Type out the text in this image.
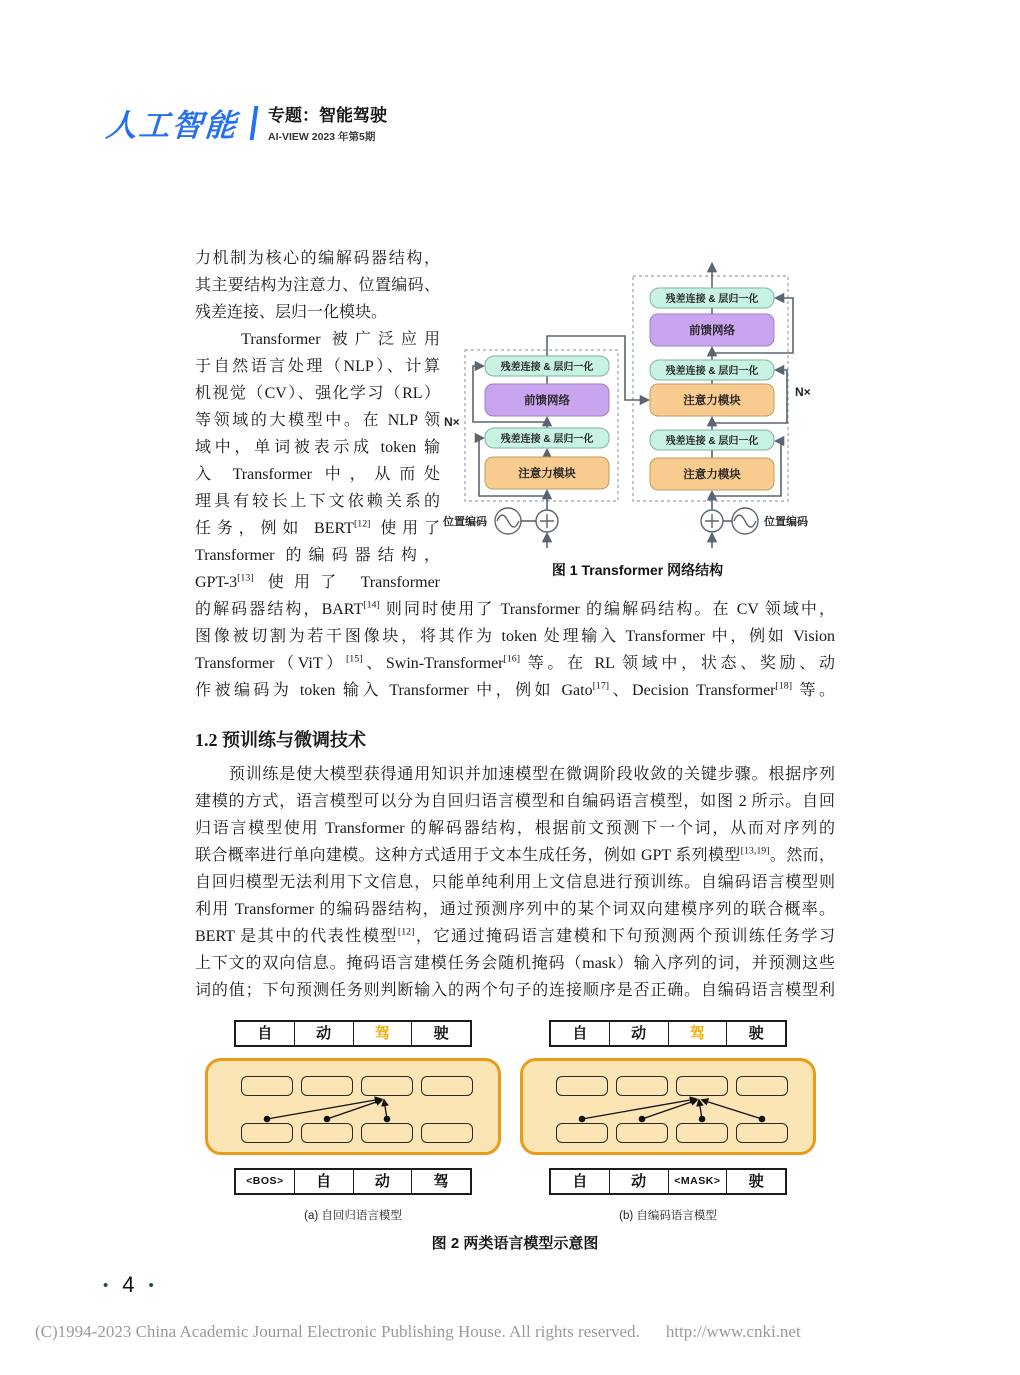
人工智能 专题：智能驾驶
AI-VIEW 2023 年第5期
力机制为核心的编解码器结构，
其主要结构为注意力、位置编码、
残差连接、层归一化模块。
　　Transformer 被广泛应用
于自然语言处理（NLP）、计算
机视觉（CV）、强化学习（RL）
等领域的大模型中。在 NLP 领
域中，单词被表示成 token 输
入 Transformer 中，从而处
理具有较长上下文依赖关系的
任务，例如 BERT[12] 使用了
Transformer 的编码器结构，
GPT-3[13] 使用了 Transformer
残差连接 & 层归一化
前馈网络
残差连接 & 层归一化
注意力模块
残差连接 & 层归一化
前馈网络
残差连接 & 层归一化
注意力模块
残差连接 & 层归一化
注意力模块
N×
N×
位置编码	位置编码
图 1 Transformer 网络结构
的解码器结构，BART[14] 则同时使用了 Transformer 的编解码结构。在 CV 领域中，
图像被切割为若干图像块，将其作为 token 处理输入 Transformer 中，例如 Vision
Transformer（ViT）[15]、Swin-Transformer[16] 等。在 RL 领域中，状态、奖励、动
作被编码为 token 输入 Transformer 中，例如 Gato[17]、Decision Transformer[18] 等。
1.2 预训练与微调技术
　　预训练是使大模型获得通用知识并加速模型在微调阶段收敛的关键步骤。根据序列
建模的方式，语言模型可以分为自回归语言模型和自编码语言模型，如图 2 所示。自回
归语言模型使用 Transformer 的解码器结构，根据前文预测下一个词，从而对序列的
联合概率进行单向建模。这种方式适用于文本生成任务，例如 GPT 系列模型[13,19]。然而，
自回归模型无法利用下文信息，只能单纯利用上文信息进行预训练。自编码语言模型则
利用 Transformer 的编码器结构，通过预测序列中的某个词双向建模序列的联合概率。
BERT 是其中的代表性模型[12]，它通过掩码语言建模和下句预测两个预训练任务学习
上下文的双向信息。掩码语言建模任务会随机掩码（mask）输入序列的词，并预测这些
词的值；下句预测任务则判断输入的两个句子的连接顺序是否正确。自编码语言模型利
自	动	驾	驶
<BOS>	自	动	驾
(a) 自回归语言模型
自	动	驾	驶
自	动	<MASK>	驶
(b) 自编码语言模型
图 2 两类语言模型示意图
• 4 •
(C)1994-2023 China Academic Journal Electronic Publishing House. All rights reserved. http://www.cnki.net
